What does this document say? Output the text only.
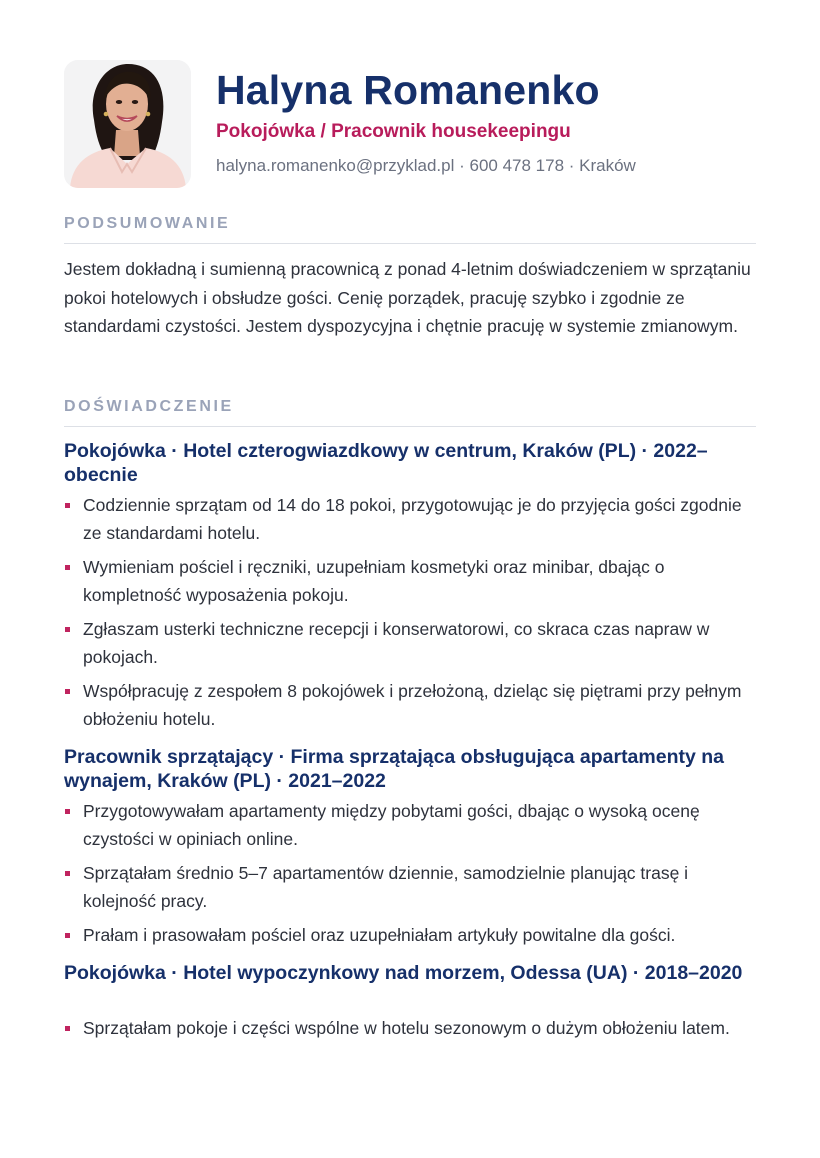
Halyna Romanenko
Pokojówka / Pracownik housekeepingu
halyna.romanenko@przyklad.pl · 600 478 178 · Kraków
PODSUMOWANIE

Jestem dokładną i sumienną pracownicą z ponad 4-letnim doświadczeniem w sprzątaniu pokoi hotelowych i obsłudze gości. Cenię porządek, pracuję szybko i zgodnie ze standardami czystości. Jestem dyspozycyjna i chętnie pracuję w systemie zmianowym.

DOŚWIADCZENIE
Pokojówka · Hotel czterogwiazdkowy w centrum, Kraków (PL) · 2022–obecnie
Codziennie sprzątam od 14 do 18 pokoi, przygotowując je do przyjęcia gości zgodnie ze standardami hotelu.
Wymieniam pościel i ręczniki, uzupełniam kosmetyki oraz minibar, dbając o kompletność wyposażenia pokoju.
Zgłaszam usterki techniczne recepcji i konserwatorowi, co skraca czas napraw w pokojach.
Współpracuję z zespołem 8 pokojówek i przełożoną, dzieląc się piętrami przy pełnym obłożeniu hotelu.
Pracownik sprzątający · Firma sprzątająca obsługująca apartamenty na wynajem, Kraków (PL) · 2021–2022
Przygotowywałam apartamenty między pobytami gości, dbając o wysoką ocenę czystości w opiniach online.
Sprzątałam średnio 5–7 apartamentów dziennie, samodzielnie planując trasę i kolejność pracy.
Prałam i prasowałam pościel oraz uzupełniałam artykuły powitalne dla gości.
Pokojówka · Hotel wypoczynkowy nad morzem, Odessa (UA) · 2018–2020
Sprzątałam pokoje i części wspólne w hotelu sezonowym o dużym obłożeniu latem.
